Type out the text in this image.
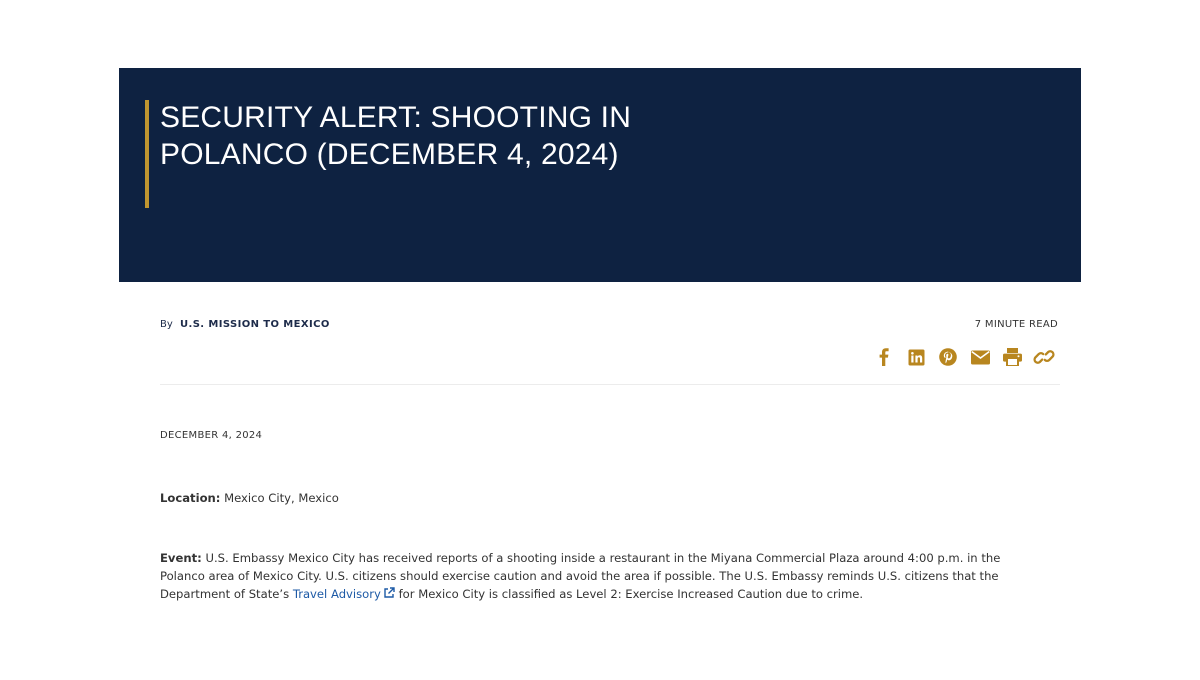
SECURITY ALERT: SHOOTING IN POLANCO (DECEMBER 4, 2024)
By U.S. MISSION TO MEXICO	7 MINUTE READ
DECEMBER 4, 2024

Location: Mexico City, Mexico

Event: U.S. Embassy Mexico City has received reports of a shooting inside a restaurant in the Miyana Commercial Plaza around 4:00 p.m. in the Polanco area of Mexico City. U.S. citizens should exercise caution and avoid the area if possible. The U.S. Embassy reminds U.S. citizens that the Department of State’s Travel Advisory for Mexico City is classified as Level 2: Exercise Increased Caution due to crime.
